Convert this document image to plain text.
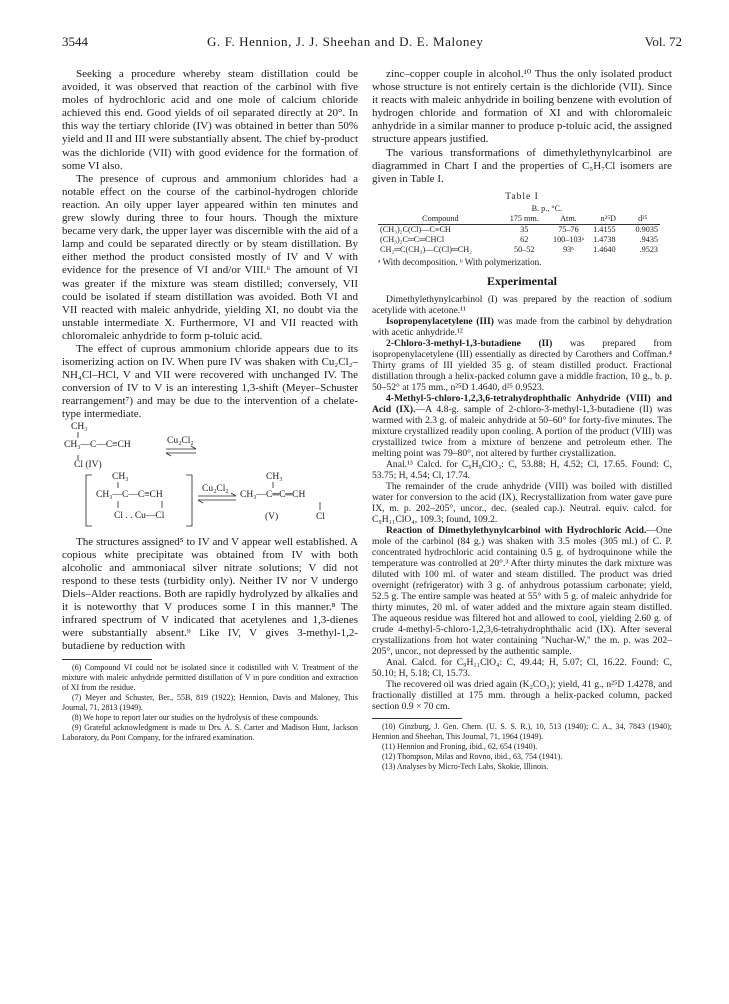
3544	G. F. Hennion, J. J. Sheehan and D. E. Maloney	Vol. 72

Seeking a procedure whereby steam distillation could be avoided, it was observed that reaction of the carbinol with five moles of hydrochloric acid and one mole of calcium chloride achieved this end. Good yields of oil separated directly at 20°. In this way the tertiary chloride (IV) was obtained in better than 50% yield and II and III were substantially absent. The chief by-product was the dichloride (VII) with good evidence for the formation of some VI also.

The presence of cuprous and ammonium chlorides had a notable effect on the course of the carbinol-hydrogen chloride reaction. An oily upper layer appeared within ten minutes and grew slowly during three to four hours. Though the mixture became very dark, the upper layer was discernible with the aid of a lamp and could be separated directly or by steam distillation. By either method the product consisted mostly of IV and V with evidence for the presence of VI and/or VIII.⁶ The amount of VI was greater if the mixture was steam distilled; conversely, VII could be isolated if steam distillation was avoided. Both VI and VII reacted with maleic anhydride, yielding XI, no doubt via the unstable intermediate X. Furthermore, VI and VII reacted with chloromaleic anhydride to form p-toluic acid.

The effect of cuprous ammonium chloride appears due to its isomerizing action on IV. When pure IV was shaken with Cu₂Cl₂–NH₄Cl–HCl, V and VII were recovered with unchanged IV. The conversion of IV to V is an interesting 1,3-shift (Meyer–Schuster rearrangement⁷) and may be due to the intervention of a chelate-type intermediate.

CH₃
CH₃—C—C≡CH	Cu₂Cl₂
Cl (IV)
CH₃
CH₃—C—C≡CH
Cl . . Cu—Cl
Cu₂Cl₂
CH₃
CH₃—C═C═CH
(V)	Cl

The structures assigned⁵ to IV and V appear well established. A copious white precipitate was obtained from IV with both alcoholic and ammoniacal silver nitrate solutions; V did not respond to these tests (turbidity only). Neither IV nor V undergo Diels–Alder reactions. Both are rapidly hydrolyzed by alkalies and it is noteworthy that V produces some I in this manner.⁸ The infrared spectrum of V indicated that acetylenes and 1,3-dienes were substantially absent.⁹ Like IV, V gives 3-methyl-1,2-butadiene by reduction with

(6) Compound VI could not be isolated since it codistilled with V. Treatment of the mixture with maleic anhydride permitted distillation of V in pure condition and extraction of XI from the residue.

(7) Meyer and Schuster, Ber., 55B, 819 (1922); Hennion, Davis and Maloney, This Journal, 71, 2813 (1949).

(8) We hope to report later our studies on the hydrolysis of these compounds.

(9) Grateful acknowledgment is made to Drs. A. S. Carter and Madison Hunt, Jackson Laboratory, du Pont Company, for the infrared examination.

zinc–copper couple in alcohol.¹⁰ Thus the only isolated product whose structure is not entirely certain is the dichloride (VII). Since it reacts with maleic anhydride in boiling benzene with evolution of hydrogen chloride and formation of XI and with chloromaleic anhydride in a similar manner to produce p-toluic acid, the assigned structure appears justified.

The various transformations of dimethylethynylcarbinol are diagrammed in Chart I and the properties of C₅H₇Cl isomers are given in Table I.

Table I
	B. p., °C.			
Compound	175 mm.	Atm.	n²⁵D	d²⁵

(CH₃)₂C(Cl)—C≡CH	35	75–76	1.4155	0.9035
(CH₃)₂C═C═CHCl	62	100–103ᵃ	1.4738	.9435
CH₂═C(CH₃)—C(Cl)═CH₂	50–52	93ᵇ	1.4640	.9523
ᵃ With decomposition. ᵇ With polymerization.
Experimental

Dimethylethynylcarbinol (I) was prepared by the reaction of sodium acetylide with acetone.¹¹

Isopropenylacetylene (III) was made from the carbinol by dehydration with acetic anhydride.¹²

2-Chloro-3-methyl-1,3-butadiene (II) was prepared from isopropenylacetylene (III) essentially as directed by Carothers and Coffman.⁴ Thirty grams of III yielded 35 g. of steam distilled product. Fractional distillation through a helix-packed column gave a middle fraction, 10 g., b. p. 50–52° at 175 mm., n²⁵D 1.4640, d²⁵ 0.9523.

4-Methyl-5-chloro-1,2,3,6-tetrahydrophthalic Anhydride (VIII) and Acid (IX).—A 4.8-g. sample of 2-chloro-3-methyl-1,3-butadiene (II) was warmed with 2.3 g. of maleic anhydride at 50–60° for forty-five minutes. The mixture crystallized readily upon cooling. A portion of the product (VIII) was crystallized twice from a mixture of benzene and petroleum ether. The melting point was 79–80°, not altered by further crystallization.

Anal.¹³ Calcd. for C₉H₉ClO₃: C, 53.88; H, 4.52; Cl, 17.65. Found: C, 53.75; H, 4.54; Cl, 17.74.

The remainder of the crude anhydride (VIII) was boiled with distilled water for conversion to the acid (IX). Recrystallization from water gave pure IX, m. p. 202–205°, uncor., dec. (sealed cap.). Neutral. equiv. calcd. for C₉H₁₁ClO₄, 109.3; found, 109.2.

Reaction of Dimethylethynylcarbinol with Hydrochloric Acid.—One mole of the carbinol (84 g.) was shaken with 3.5 moles (305 ml.) of C. P. concentrated hydrochloric acid containing 0.5 g. of hydroquinone while the temperature was controlled at 20°.³ After thirty minutes the dark mixture was diluted with 100 ml. of water and steam distilled. The product was dried overnight (refrigerator) with 3 g. of anhydrous potassium carbonate; yield, 52.5 g. The entire sample was heated at 55° with 5 g. of maleic anhydride for thirty minutes, 20 ml. of water added and the mixture again steam distilled. The aqueous residue was filtered hot and allowed to cool, yielding 2.60 g. of crude 4-methyl-5-chloro-1,2,3,6-tetrahydrophthalic acid (IX). After several crystallizations from hot water containing "Nuchar-W," the m. p. was 202–205°, uncor., not depressed by the authentic sample.

Anal. Calcd. for C₉H₁₁ClO₄: C, 49.44; H, 5.07; Cl, 16.22. Found: C, 50.10; H, 5.18; Cl, 15.73.

The recovered oil was dried again (K₂CO₃); yield, 41 g., n²⁵D 1.4278, and fractionally distilled at 175 mm. through a helix-packed column, packed section 0.9 × 70 cm.

(10) Ginzburg, J. Gen. Chem. (U. S. S. R.), 10, 513 (1940); C. A., 34, 7843 (1940); Hennion and Sheehan, This Journal, 71, 1964 (1949).

(11) Hennion and Froning, ibid., 62, 654 (1940).

(12) Thompson, Milas and Rovno, ibid., 63, 754 (1941).

(13) Analyses by Micro-Tech Labs, Skokie, Illinois.
